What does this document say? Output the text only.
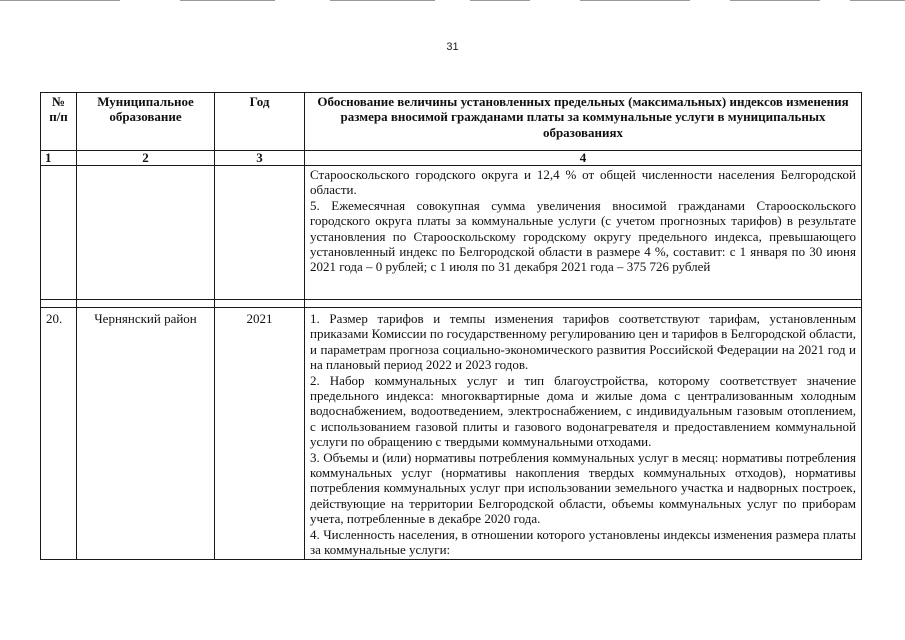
31
№ п/п	Муниципальное образование	Год	Обоснование величины установленных предельных (максимальных) индексов изменения размера вносимой гражданами платы за коммунальные услуги в муниципальных образованиях
1	2	3	4

			Старооскольского городского округа и 12,4 % от общей численности населения Белгородской области.

5. Ежемесячная совокупная сумма увеличения вносимой гражданами Старооскольского городского округа платы за коммунальные услуги (с учетом прогнозных тарифов) в результате установления по Старооскольскому городскому округу предельного индекса, превышающего установленный индекс по Белгородской области в размере 4 %, составит: с 1 января по 30 июня 2021 года – 0 рублей; с 1 июля по 31 декабря 2021 года – 375 726 рублей

20.	Чернянский район	2021	1. Размер тарифов и темпы изменения тарифов соответствуют тарифам, установленным приказами Комиссии по государственному регулированию цен и тарифов в Белгородской области, и параметрам прогноза социально-экономического развития Российской Федерации на 2021 год и на плановый период 2022 и 2023 годов.

2. Набор коммунальных услуг и тип благоустройства, которому соответствует значение предельного индекса: многоквартирные дома и жилые дома с централизованным холодным водоснабжением, водоотведением, электроснабжением, с индивидуальным газовым отоплением, с использованием газовой плиты и газового водонагревателя и предоставлением коммунальной услуги по обращению с твердыми коммунальными отходами.

3. Объемы и (или) нормативы потребления коммунальных услуг в месяц: нормативы потребления коммунальных услуг (нормативы накопления твердых коммунальных отходов), нормативы потребления коммунальных услуг при использовании земельного участка и надворных построек, действующие на территории Белгородской области, объемы коммунальных услуг по приборам учета, потребленные в декабре 2020 года.

4. Численность населения, в отношении которого установлены индексы изменения размера платы за коммунальные услуги:
